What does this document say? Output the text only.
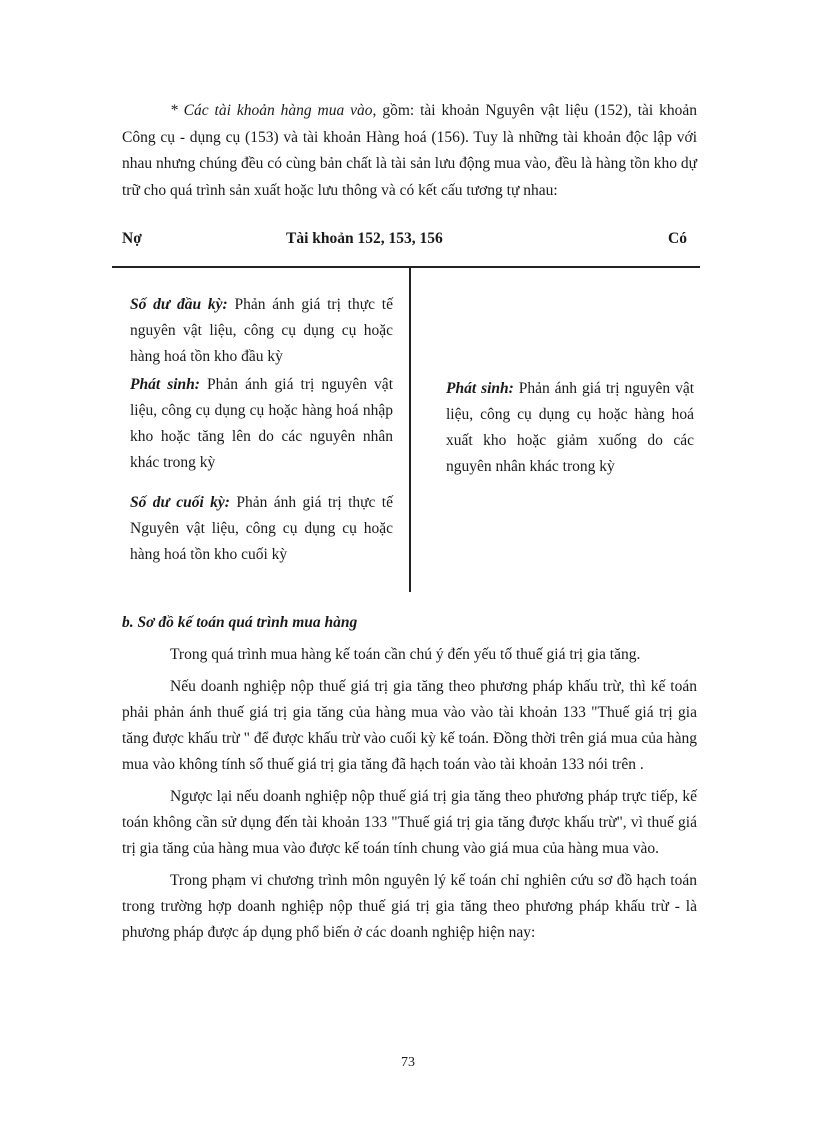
* Các tài khoản hàng mua vào, gồm: tài khoản Nguyên vật liệu (152), tài khoản Công cụ - dụng cụ (153) và tài khoản Hàng hoá (156). Tuy là những tài khoản độc lập với nhau nhưng chúng đều có cùng bản chất là tài sản lưu động mua vào, đều là hàng tồn kho dự trữ cho quá trình sản xuất hoặc lưu thông và có kết cấu tương tự nhau:

Nợ	Tài khoản 152, 153, 156	Có

Số dư đầu kỳ: Phản ánh giá trị thực tế nguyên vật liệu, công cụ dụng cụ hoặc hàng hoá tồn kho đầu kỳ

Phát sinh: Phản ánh giá trị nguyên vật liệu, công cụ dụng cụ hoặc hàng hoá nhập kho hoặc tăng lên do các nguyên nhân khác trong kỳ

Số dư cuối kỳ: Phản ánh giá trị thực tế Nguyên vật liệu, công cụ dụng cụ hoặc hàng hoá tồn kho cuối kỳ

Phát sinh: Phản ánh giá trị nguyên vật liệu, công cụ dụng cụ hoặc hàng hoá xuất kho hoặc giảm xuống do các nguyên nhân khác trong kỳ

b. Sơ đồ kế toán quá trình mua hàng

Trong quá trình mua hàng kế toán cần chú ý đến yếu tố thuế giá trị gia tăng.

Nếu doanh nghiệp nộp thuế giá trị gia tăng theo phương pháp khấu trừ, thì kế toán phải phản ánh thuế giá trị gia tăng của hàng mua vào vào tài khoản 133 "Thuế giá trị gia tăng được khấu trừ " để được khấu trừ vào cuối kỳ kế toán. Đồng thời trên giá mua của hàng mua vào không tính số thuế giá trị gia tăng đã hạch toán vào tài khoản 133 nói trên .

Ngược lại nếu doanh nghiệp nộp thuế giá trị gia tăng theo phương pháp trực tiếp, kế toán không cần sử dụng đến tài khoản 133 "Thuế giá trị gia tăng được khấu trừ", vì thuế giá trị gia tăng của hàng mua vào được kế toán tính chung vào giá mua của hàng mua vào.

Trong phạm vi chương trình môn nguyên lý kế toán chỉ nghiên cứu sơ đồ hạch toán trong trường hợp doanh nghiệp nộp thuế giá trị gia tăng theo phương pháp khấu trừ - là phương pháp được áp dụng phổ biến ở các doanh nghiệp hiện nay:

73
